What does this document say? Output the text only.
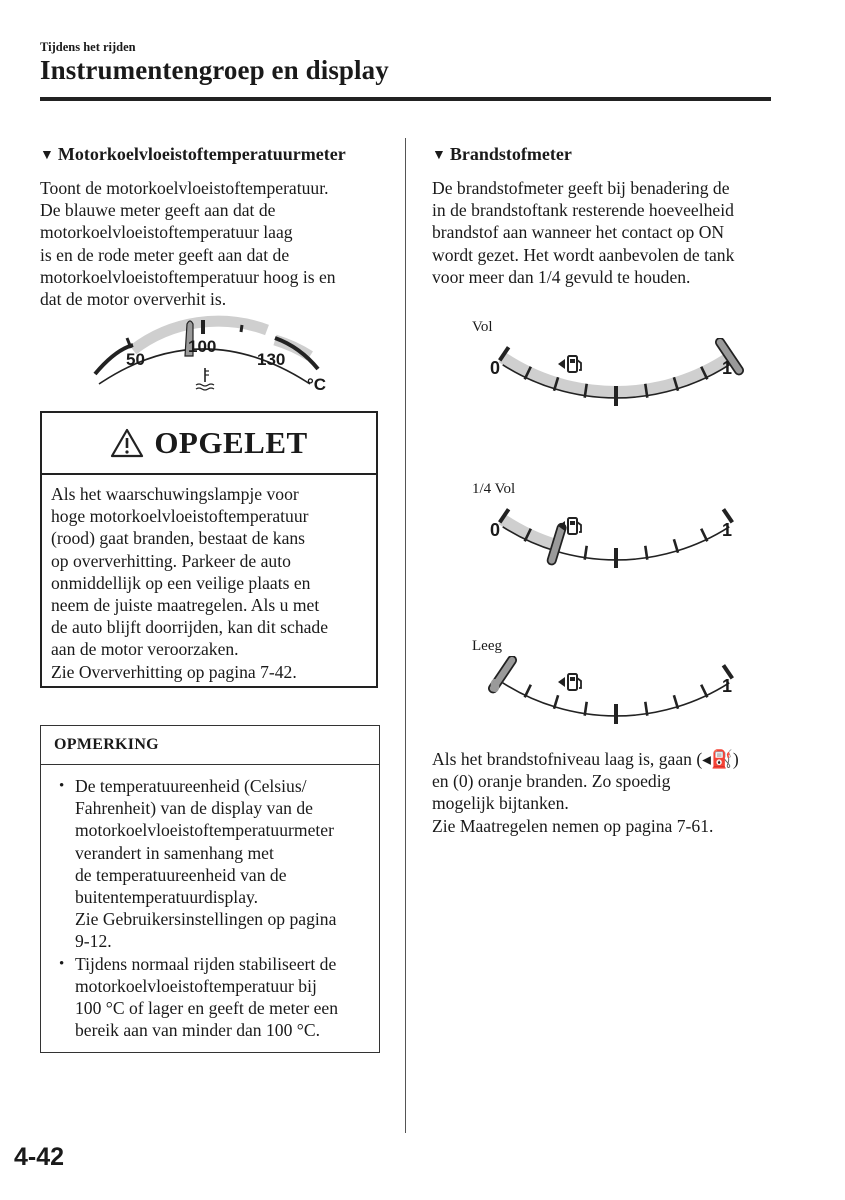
Tijdens het rijden
Instrumentengroep en display
▼ Motorkoelvloeistoftemperatuurmeter
Toont de motorkoelvloeistoftemperatuur.
De blauwe meter geeft aan dat de
motorkoelvloeistoftemperatuur laag
is en de rode meter geeft aan dat de
motorkoelvloeistoftemperatuur hoog is en
dat de motor oververhit is.
50
100
130
°C
OPGELET
Als het waarschuwingslampje voor
hoge motorkoelvloeistoftemperatuur
(rood) gaat branden, bestaat de kans
op oververhitting. Parkeer de auto
onmiddellijk op een veilige plaats en
neem de juiste maatregelen. Als u met
de auto blijft doorrijden, kan dit schade
aan de motor veroorzaken.
Zie Oververhitting op pagina 7-42.
OPMERKING
• De temperatuureenheid (Celsius/
Fahrenheit) van de display van de
motorkoelvloeistoftemperatuurmeter
verandert in samenhang met
de temperatuureenheid van de
buitentemperatuurdisplay.
Zie Gebruikersinstellingen op pagina
9-12.
• Tijdens normaal rijden stabiliseert de
motorkoelvloeistoftemperatuur bij
100 °C of lager en geeft de meter een
bereik aan van minder dan 100 °C.
▼ Brandstofmeter
De brandstofmeter geeft bij benadering de
in de brandstoftank resterende hoeveelheid
brandstof aan wanneer het contact op ON
wordt gezet. Het wordt aanbevolen de tank
voor meer dan 1/4 gevuld te houden.
Vol
0	1
1/4 Vol
0	1
Leeg
0	1
Als het brandstofniveau laag is, gaan (◂⛽)
en (0) oranje branden. Zo spoedig
mogelijk bijtanken.
Zie Maatregelen nemen op pagina 7-61.
4-42
